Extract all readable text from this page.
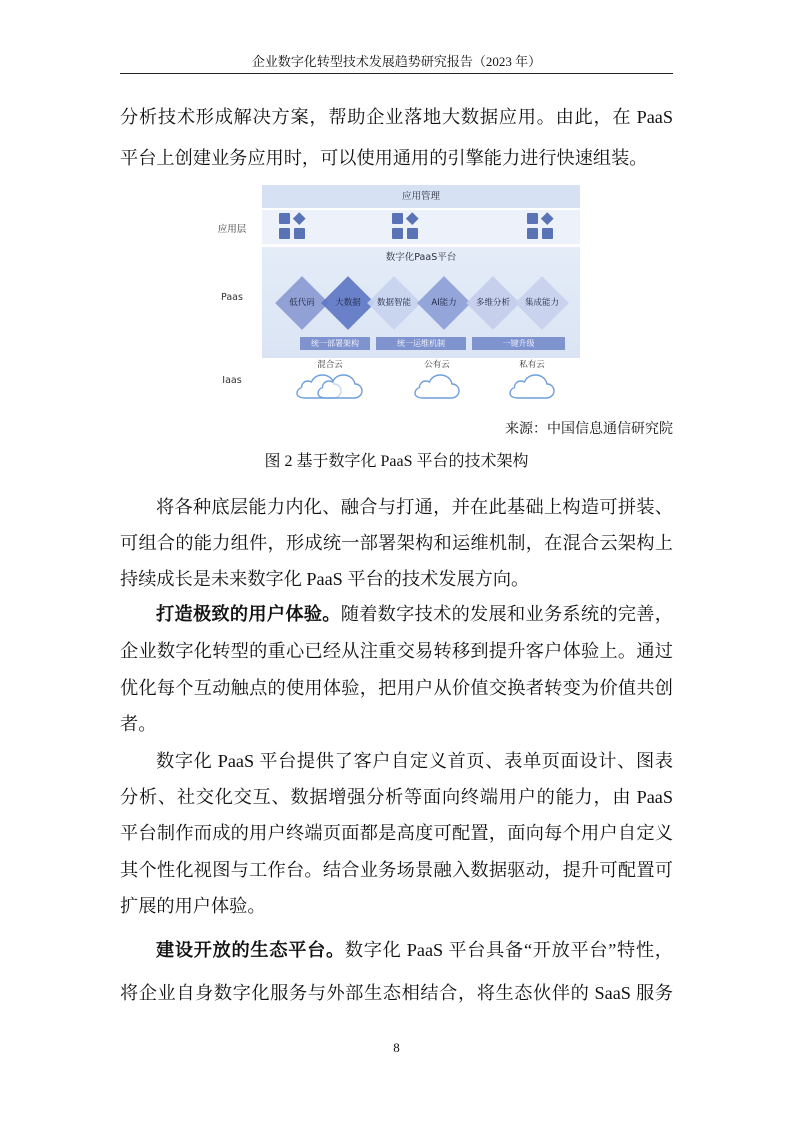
企业数字化转型技术发展趋势研究报告（2023 年）
分析技术形成解决方案，帮助企业落地大数据应用。由此，在 PaaS
平台上创建业务应用时，可以使用通用的引擎能力进行快速组装。
应用管理
应用层
数字化PaaS平台
Paas	低代码	大数据	数据智能	AI能力	多维分析	集成能力
统一部署架构	统一运维机制	一键升级
Iaas
混合云	公有云	私有云
来源：中国信息通信研究院
图 2 基于数字化 PaaS 平台的技术架构
将各种底层能力内化、融合与打通，并在此基础上构造可拼装、
可组合的能力组件，形成统一部署架构和运维机制，在混合云架构上
持续成长是未来数字化 PaaS 平台的技术发展方向。
打造极致的用户体验。随着数字技术的发展和业务系统的完善，
企业数字化转型的重心已经从注重交易转移到提升客户体验上。通过
优化每个互动触点的使用体验，把用户从价值交换者转变为价值共创
者。
数字化 PaaS 平台提供了客户自定义首页、表单页面设计、图表
分析、社交化交互、数据增强分析等面向终端用户的能力，由 PaaS
平台制作而成的用户终端页面都是高度可配置，面向每个用户自定义
其个性化视图与工作台。结合业务场景融入数据驱动，提升可配置可
扩展的用户体验。
建设开放的生态平台。数字化 PaaS 平台具备“开放平台”特性，
将企业自身数字化服务与外部生态相结合，将生态伙伴的 SaaS 服务
8
